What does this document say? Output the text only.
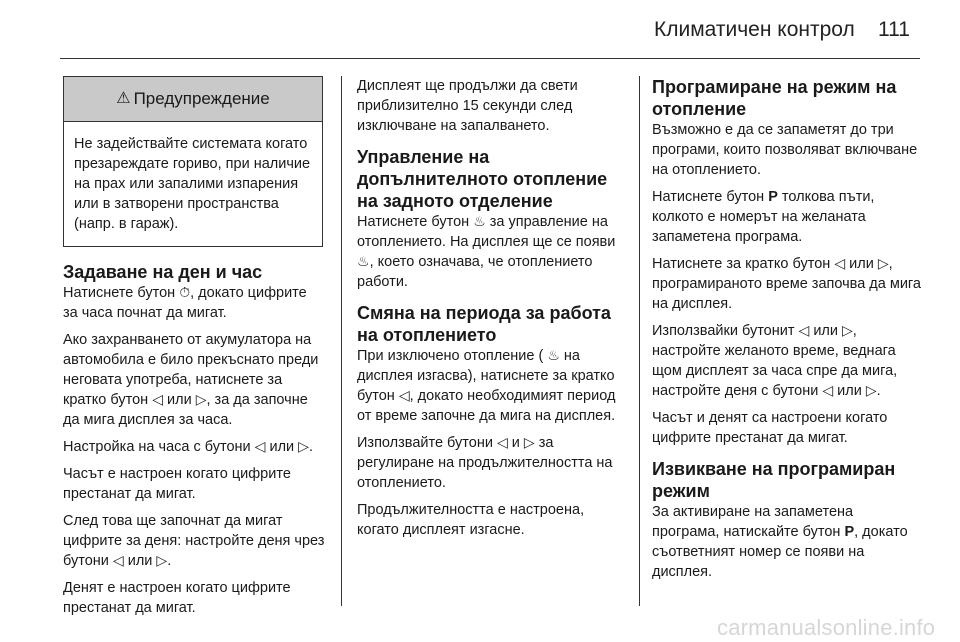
Климатичен контрол 111
⚠ Предупреждение
Не задействайте системата когато презареждате гориво, при наличие на прах или запалими изпарения или в затворени пространства (напр. в гараж).
Задаване на ден и час

Натиснете бутон ⏱, докато цифрите за часа почнат да мигат.

Ако захранването от акумулатора на автомобила е било прекъснато преди неговата употреба, натиснете за кратко бутон ◁ или ▷, за да започне да мига дисплея за часа.

Настройка на часа с бутони ◁ или ▷.

Часът е настроен когато цифрите престанат да мигат.

След това ще започнат да мигат цифрите за деня: настройте деня чрез бутони ◁ или ▷.

Денят е настроен когато цифрите престанат да мигат.

Дисплеят ще продължи да свети приблизително 15 секунди след изключване на запалването.

Управление на допълнителното отопление на задното отделение

Натиснете бутон ♨ за управление на отоплението. На дисплея ще се появи ♨, което означава, че отоплението работи.

Смяна на периода за работа на отоплението

При изключено отопление ( ♨ на дисплея изгасва), натиснете за кратко бутон ◁, докато необходимият период от време започне да мига на дисплея.

Използвайте бутони ◁ и ▷ за регулиране на продължителността на отоплението.

Продължителността е настроена, когато дисплеят изгасне.

Програмиране на режим на отопление

Възможно е да се запаметят до три програми, които позволяват включване на отоплението.

Натиснете бутон P толкова пъти, колкото е номерът на желаната запаметена програма.

Натиснете за кратко бутон ◁ или ▷, програмираното време започва да мига на дисплея.

Използвайки бутонит ◁ или ▷, настройте желаното време, веднага щом дисплеят за часа спре да мига, настройте деня с бутони ◁ или ▷.

Часът и денят са настроени когато цифрите престанат да мигат.

Извикване на програмиран режим

За активиране на запаметена програма, натискайте бутон P, докато съответният номер се появи на дисплея.

carmanualsonline.info
